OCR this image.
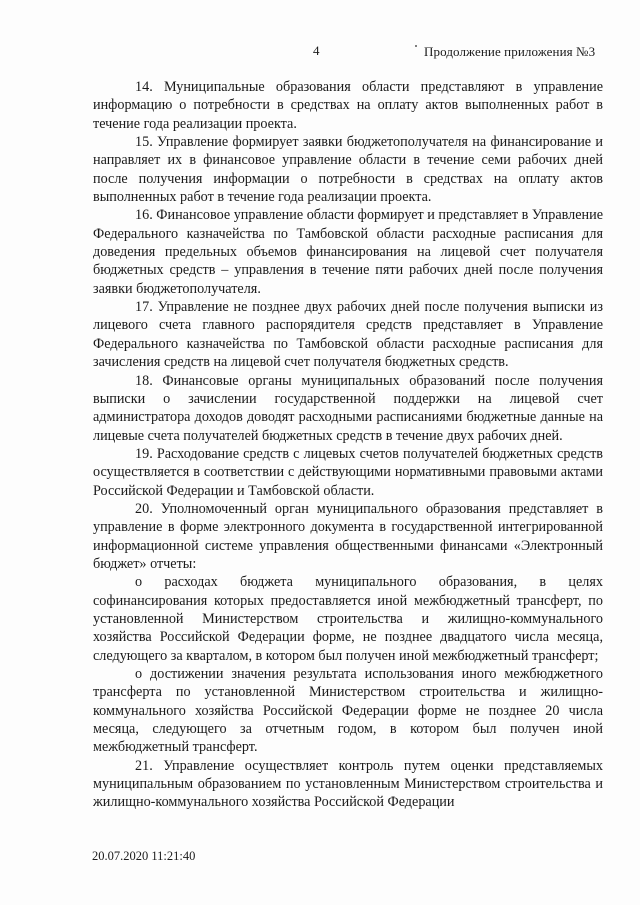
4	Продолжение приложения №3

14. Муниципальные образования области представляют в управление информацию о потребности в средствах на оплату актов выполненных работ в течение года реализации проекта.

15. Управление формирует заявки бюджетополучателя на финансирование и направляет их в финансовое управление области в течение семи рабочих дней после получения информации о потребности в средствах на оплату актов выполненных работ в течение года реализации проекта.

16. Финансовое управление области формирует и представляет в Управление Федерального казначейства по Тамбовской области расходные расписания для доведения предельных объемов финансирования на лицевой счет получателя бюджетных средств – управления в течение пяти рабочих дней после получения заявки бюджетополучателя.

17. Управление не позднее двух рабочих дней после получения выписки из лицевого счета главного распорядителя средств представляет в Управление Федерального казначейства по Тамбовской области расходные расписания для зачисления средств на лицевой счет получателя бюджетных средств.

18. Финансовые органы муниципальных образований после получения выписки о зачислении государственной поддержки на лицевой счет администратора доходов доводят расходными расписаниями бюджетные данные на лицевые счета получателей бюджетных средств в течение двух рабочих дней.

19. Расходование средств с лицевых счетов получателей бюджетных средств осуществляется в соответствии с действующими нормативными правовыми актами Российской Федерации и Тамбовской области.

20. Уполномоченный орган муниципального образования представляет в управление в форме электронного документа в государственной интегрированной информационной системе управления общественными финансами «Электронный бюджет» отчеты:

о расходах бюджета муниципального образования, в целях софинансирования которых предоставляется иной межбюджетный трансферт, по установленной Министерством строительства и жилищно-коммунального хозяйства Российской Федерации форме, не позднее двадцатого числа месяца, следующего за кварталом, в котором был получен иной межбюджетный трансферт;

о достижении значения результата использования иного межбюджетного трансферта по установленной Министерством строительства и жилищно-коммунального хозяйства Российской Федерации форме не позднее 20 числа месяца, следующего за отчетным годом, в котором был получен иной межбюджетный трансферт.

21. Управление осуществляет контроль путем оценки представляемых муниципальным образованием по установленным Министерством строительства и жилищно-коммунального хозяйства Российской Федерации

20.07.2020 11:21:40
